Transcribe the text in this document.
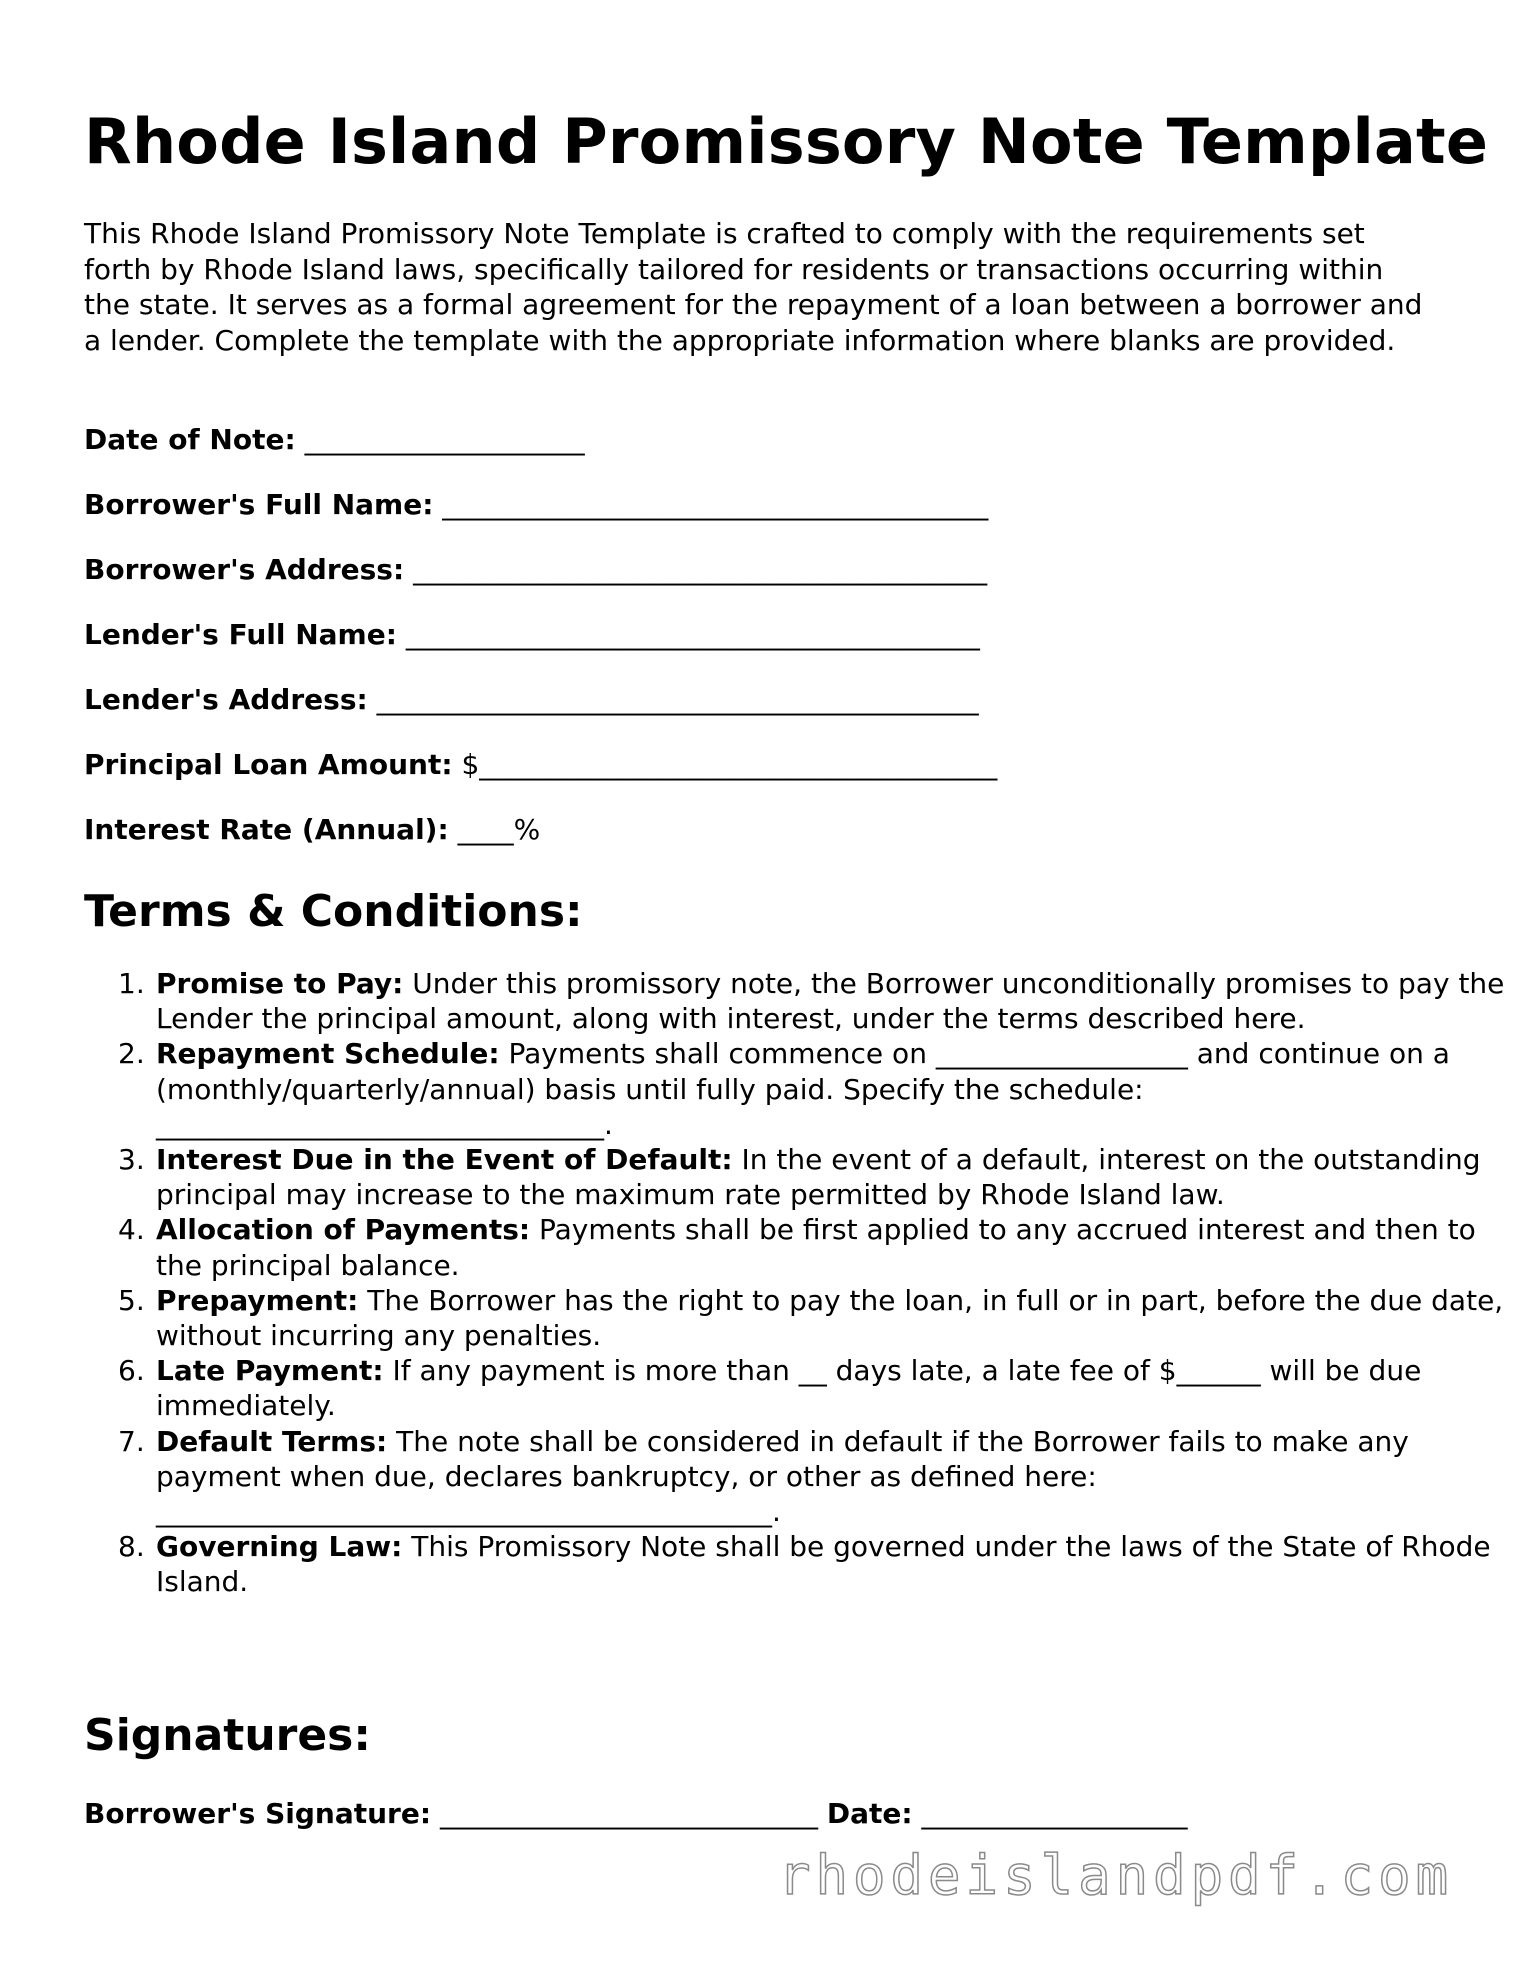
Rhode Island Promissory Note Template

This Rhode Island Promissory Note Template is crafted to comply with the requirements set forth by Rhode Island laws, specifically tailored for residents or transactions occurring within the state. It serves as a formal agreement for the repayment of a loan between a borrower and a lender. Complete the template with the appropriate information where blanks are provided.

Date of Note: ____________________

Borrower's Full Name: _______________________________________

Borrower's Address: _________________________________________

Lender's Full Name: _________________________________________

Lender's Address: ___________________________________________

Principal Loan Amount: $_____________________________________

Interest Rate (Annual): ____%

Terms & Conditions:
1. Promise to Pay: Under this promissory note, the Borrower unconditionally promises to pay the Lender the principal amount, along with interest, under the terms described here.
2. Repayment Schedule: Payments shall commence on __________________ and continue on a (monthly/quarterly/annual) basis until fully paid. Specify the schedule: ________________________________.
3. Interest Due in the Event of Default: In the event of a default, interest on the outstanding principal may increase to the maximum rate permitted by Rhode Island law.
4. Allocation of Payments: Payments shall be first applied to any accrued interest and then to the principal balance.
5. Prepayment: The Borrower has the right to pay the loan, in full or in part, before the due date, without incurring any penalties.
6. Late Payment: If any payment is more than __ days late, a late fee of $______ will be due immediately.
7. Default Terms: The note shall be considered in default if the Borrower fails to make any payment when due, declares bankruptcy, or other as defined here: ____________________________________________.
8. Governing Law: This Promissory Note shall be governed under the laws of the State of Rhode Island.
Signatures:

Borrower's Signature: ___________________________ Date: ___________________

rhodeislandpdf.com
